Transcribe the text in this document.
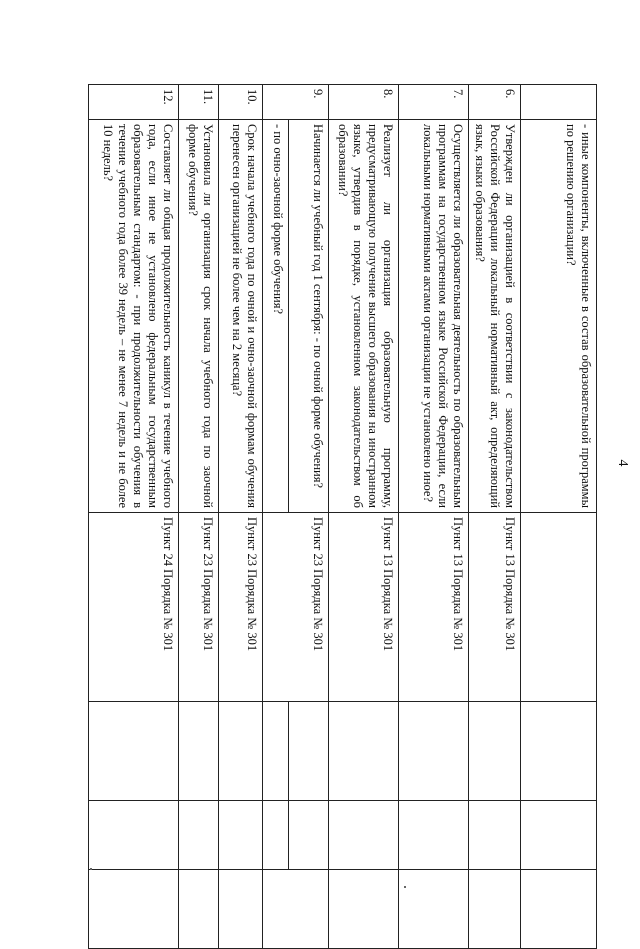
4
	- иные компоненты, включенные в состав образовательной программы по решению организации?				
6.	Утвержден ли организацией в соответствии с законодательством Российской Федерации локальный нормативный акт, определяющий язык, языки образования?	Пункт 13 Порядка № 301			
7.	Осуществляется ли образовательная деятельность по образовательным программам на государственном языке Российской Федерации, если локальными нормативными актами организации не установлено иное?	Пункт 13 Порядка № 301			
8.	Реализует ли организация образовательную программу, предусматривающую получение высшего образования на иностранном языке, утвердив в порядке, установленном законодательством об образовании?	Пункт 13 Порядка № 301			
9.	Начинается ли учебный год 1 сентября: - по очной форме обучения?	Пункт 23 Порядка № 301			
	- по очно-заочной форме обучения?				
10.	Срок начала учебного года по очной и очно-заочной формам обучения перенесен организацией не более чем на 2 месяца?	Пункт 23 Порядка № 301			
11.	Установила ли организация срок начала учебного года по заочной форме обучения?	Пункт 23 Порядка № 301			
12.	Составляет ли общая продолжительность каникул в течение учебного года, если иное не установлено федеральным государственным образовательным стандартом: - при продолжительности обучения в течение учебного года более 39 недель – не менее 7 недель и не более 10 недель?	Пункт 24 Порядка № 301			
